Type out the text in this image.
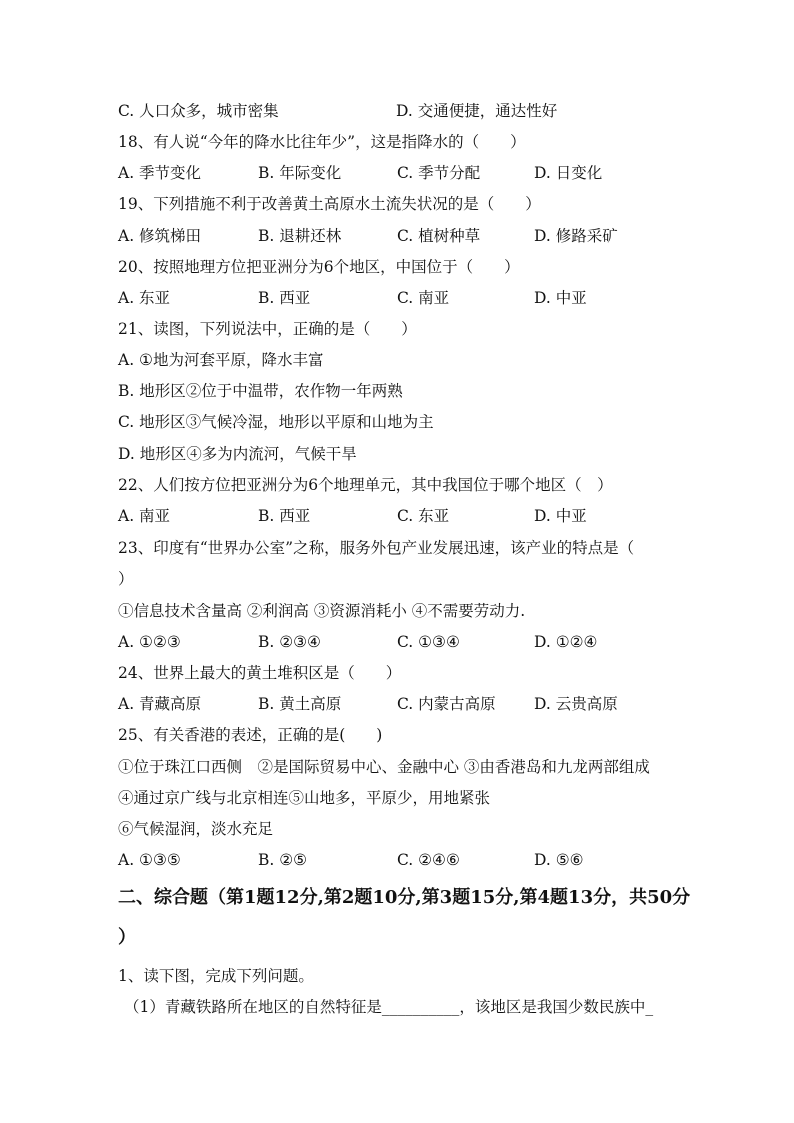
C. 人口众多，城市密集	D. 交通便捷，通达性好
18、有人说“今年的降水比往年少”，这是指降水的（　　）
A. 季节变化	B. 年际变化	C. 季节分配	D. 日变化
19、下列措施不利于改善黄土高原水土流失状况的是（　　）
A. 修筑梯田	B. 退耕还林	C. 植树种草	D. 修路采矿
20、按照地理方位把亚洲分为6个地区，中国位于（　　）
A. 东亚	B. 西亚	C. 南亚	D. 中亚
21、读图，下列说法中，正确的是（　　）
A. ①地为河套平原，降水丰富
B. 地形区②位于中温带，农作物一年两熟
C. 地形区③气候冷湿，地形以平原和山地为主
D. 地形区④多为内流河，气候干旱
22、人们按方位把亚洲分为6个地理单元，其中我国位于哪个地区（　）
A. 南亚	B. 西亚	C. 东亚	D. 中亚
23、印度有“世界办公室”之称，服务外包产业发展迅速，该产业的特点是（
）
①信息技术含量高 ②利润高 ③资源消耗小 ④不需要劳动力.
A. ①②③	B. ②③④	C. ①③④	D. ①②④
24、世界上最大的黄土堆积区是（　　）
A. 青藏高原	B. 黄土高原	C. 内蒙古高原 D. 云贵高原
25、有关香港的表述，正确的是(　　)
①位于珠江口西侧　②是国际贸易中心、金融中心 ③由香港岛和九龙两部组成
④通过京广线与北京相连⑤山地多，平原少，用地紧张
⑥气候湿润，淡水充足
A. ①③⑤	B. ②⑤	C. ②④⑥	D. ⑤⑥
二、综合题（第1题12分,第2题10分,第3题15分,第4题13分，共50分
）
1、读下图，完成下列问题。
（1）青藏铁路所在地区的自然特征是__________，该地区是我国少数民族中_
